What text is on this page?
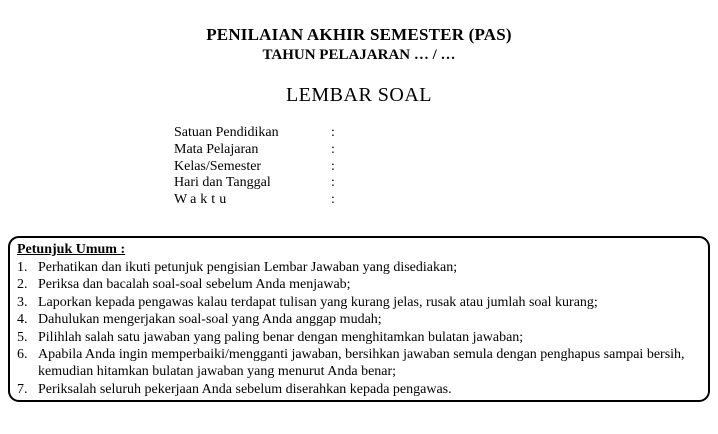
PENILAIAN AKHIR SEMESTER (PAS)
TAHUN PELAJARAN … / …
LEMBAR SOAL
Satuan Pendidikan	:
Mata Pelajaran	:
Kelas/Semester	:
Hari dan Tanggal	:
Waktu	:
Petunjuk Umum :
1. Perhatikan dan ikuti petunjuk pengisian Lembar Jawaban yang disediakan;
2. Periksa dan bacalah soal-soal sebelum Anda menjawab;
3. Laporkan kepada pengawas kalau terdapat tulisan yang kurang jelas, rusak atau jumlah soal kurang;
4. Dahulukan mengerjakan soal-soal yang Anda anggap mudah;
5. Pilihlah salah satu jawaban yang paling benar dengan menghitamkan bulatan jawaban;
6. Apabila Anda ingin memperbaiki/mengganti jawaban, bersihkan jawaban semula dengan penghapus sampai bersih, kemudian hitamkan bulatan jawaban yang menurut Anda benar;
7. Periksalah seluruh pekerjaan Anda sebelum diserahkan kepada pengawas.
